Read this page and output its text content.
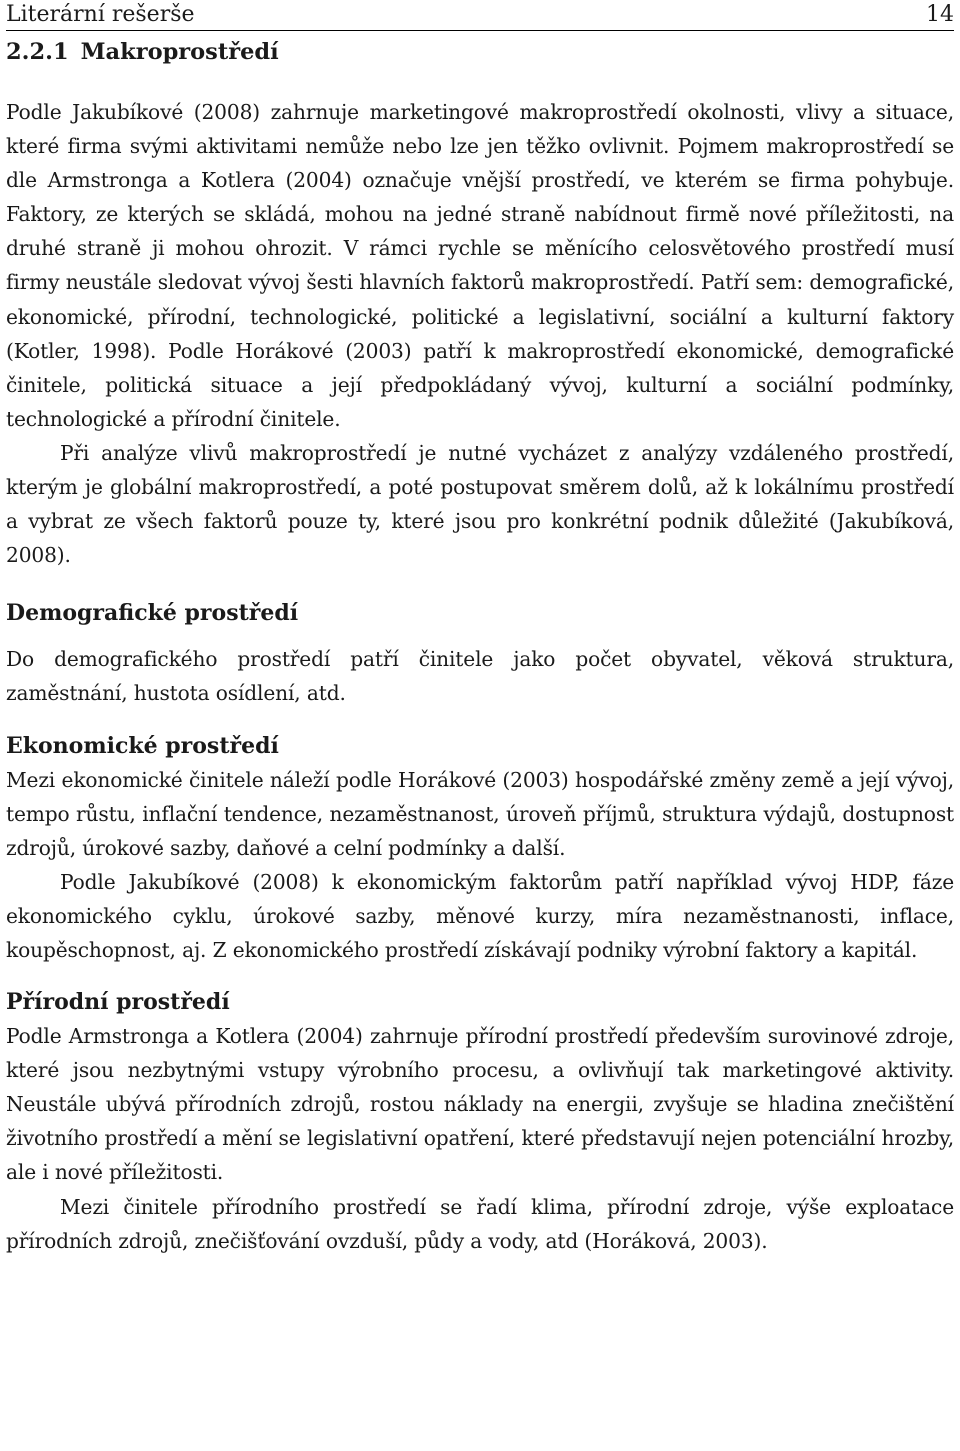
Literární rešerše	14
2.2.1 Makroprostředí

Podle Jakubíkové (2008) zahrnuje marketingové makroprostředí okolnosti, vlivy a situace, které firma svými aktivitami nemůže nebo lze jen těžko ovlivnit. Pojmem makroprostředí se dle Armstronga a Kotlera (2004) označuje vnější prostředí, ve kterém se firma pohybuje. Faktory, ze kterých se skládá, mohou na jedné straně nabídnout firmě nové příležitosti, na druhé straně ji mohou ohrozit. V rámci rychle se měnícího celosvětového prostředí musí firmy neustále sledovat vývoj šesti hlavních faktorů makroprostředí. Patří sem: demografické, ekonomické, přírodní, technologické, politické a legislativní, sociální a kulturní faktory (Kotler, 1998). Podle Horákové (2003) patří k makroprostředí ekonomické, demografické činitele, politická situace a její předpokládaný vývoj, kulturní a sociální podmínky, technologické a přírodní činitele.

Při analýze vlivů makroprostředí je nutné vycházet z analýzy vzdáleného prostředí, kterým je globální makroprostředí, a poté postupovat směrem dolů, až k lokálnímu prostředí a vybrat ze všech faktorů pouze ty, které jsou pro konkrétní podnik důležité (Jakubíková, 2008).

Demografické prostředí

Do demografického prostředí patří činitele jako počet obyvatel, věková struktura, zaměstnání, hustota osídlení, atd.

Ekonomické prostředí

Mezi ekonomické činitele náleží podle Horákové (2003) hospodářské změny země a její vývoj, tempo růstu, inflační tendence, nezaměstnanost, úroveň příjmů, struktura výdajů, dostupnost zdrojů, úrokové sazby, daňové a celní podmínky a další.

Podle Jakubíkové (2008) k ekonomickým faktorům patří například vývoj HDP, fáze ekonomického cyklu, úrokové sazby, měnové kurzy, míra nezaměstnanosti, inflace, koupěschopnost, aj. Z ekonomického prostředí získávají podniky výrobní faktory a kapitál.

Přírodní prostředí

Podle Armstronga a Kotlera (2004) zahrnuje přírodní prostředí především surovinové zdroje, které jsou nezbytnými vstupy výrobního procesu, a ovlivňují tak marketingové aktivity. Neustále ubývá přírodních zdrojů, rostou náklady na energii, zvyšuje se hladina znečištění životního prostředí a mění se legislativní opatření, které představují nejen potenciální hrozby, ale i nové příležitosti.

Mezi činitele přírodního prostředí se řadí klima, přírodní zdroje, výše exploatace přírodních zdrojů, znečišťování ovzduší, půdy a vody, atd (Horáková, 2003).
